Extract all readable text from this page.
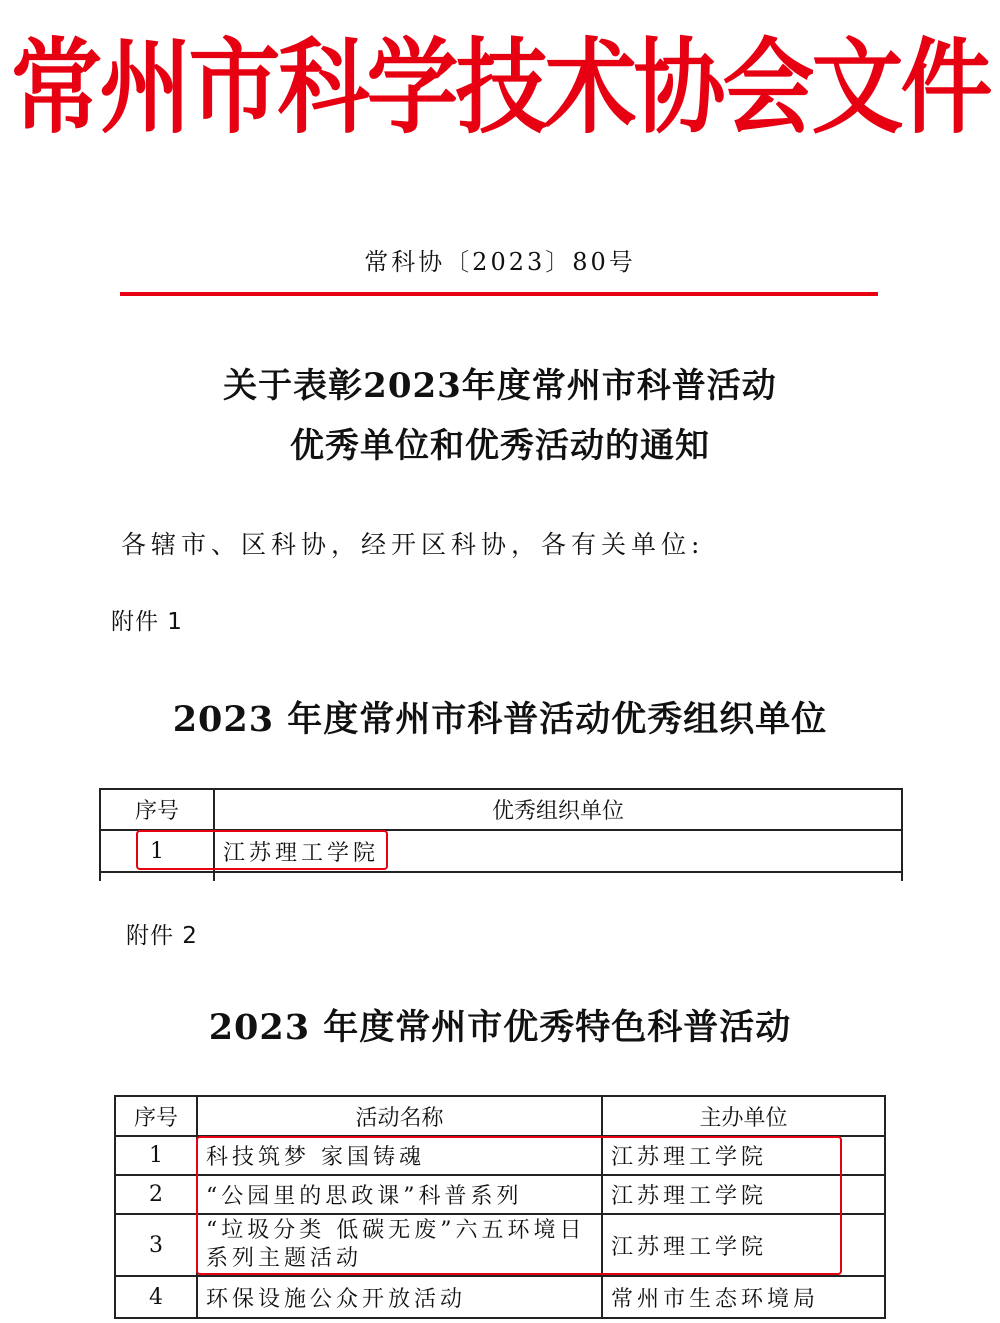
常州市科学技术协会文件
常科协〔2023〕80号
关于表彰2023年度常州市科普活动
优秀单位和优秀活动的通知
各辖市、区科协，经开区科协，各有关单位:
附件 1
2023 年度常州市科普活动优秀组织单位
序号	优秀组织单位
1	江苏理工学院

附件 2
2023 年度常州市优秀特色科普活动
序号	活动名称	主办单位
1	科技筑梦 家国铸魂	江苏理工学院
2	“公园里的思政课”科普系列	江苏理工学院
3	“垃圾分类 低碳无废”六五环境日系列主题活动	江苏理工学院
4	环保设施公众开放活动	常州市生态环境局
